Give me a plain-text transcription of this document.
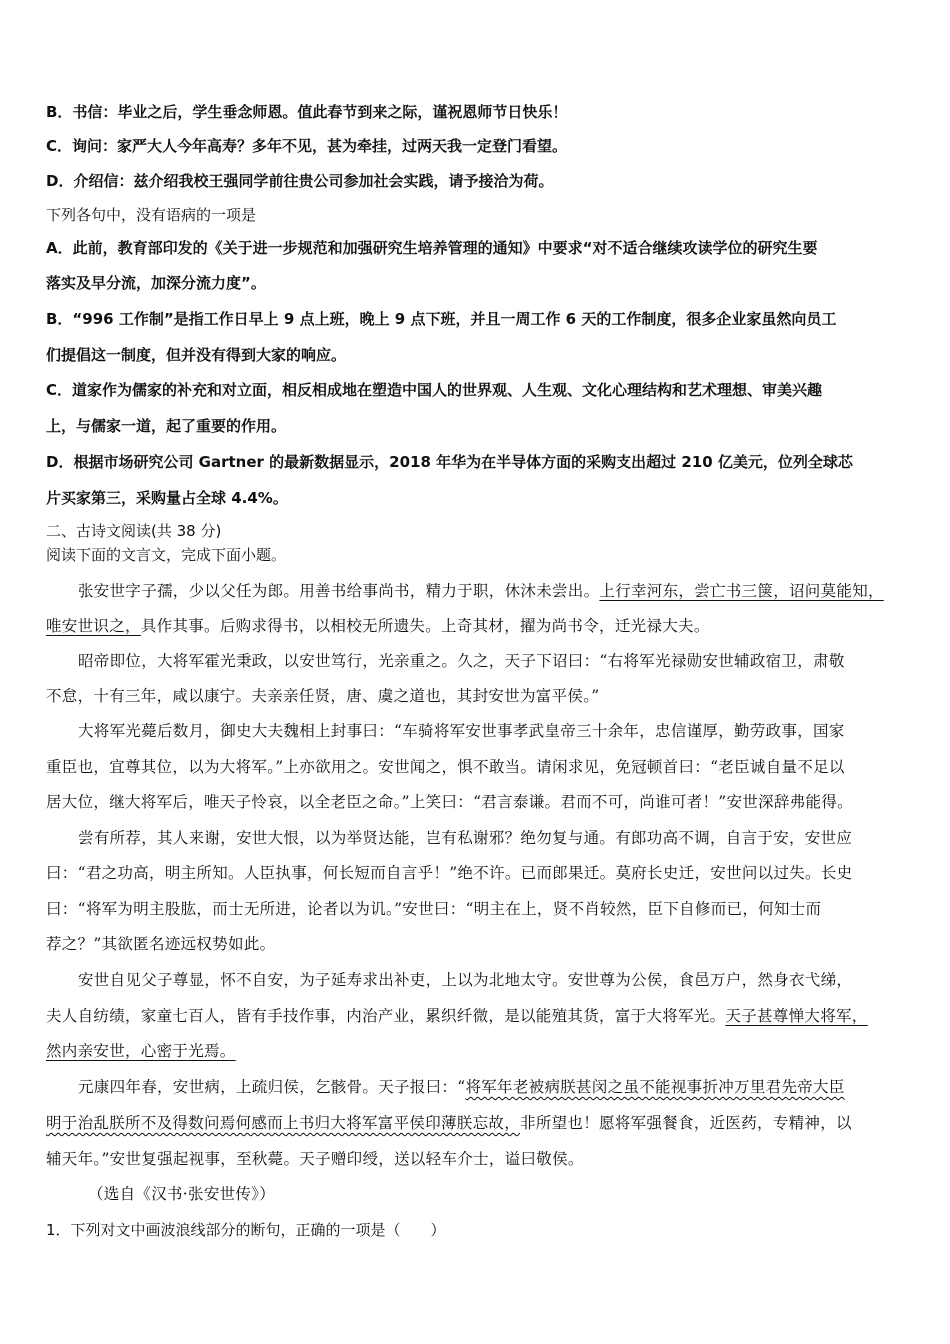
B．书信：毕业之后，学生垂念师恩。值此春节到来之际，谨祝恩师节日快乐！
C．询问：家严大人今年高寿？多年不见，甚为牵挂，过两天我一定登门看望。
D．介绍信：兹介绍我校王强同学前往贵公司参加社会实践，请予接洽为荷。
下列各句中，没有语病的一项是
A．此前，教育部印发的《关于进一步规范和加强研究生培养管理的通知》中要求“对不适合继续攻读学位的研究生要
落实及早分流，加深分流力度”。
B．“996 工作制”是指工作日早上 9 点上班，晚上 9 点下班，并且一周工作 6 天的工作制度，很多企业家虽然向员工
们提倡这一制度，但并没有得到大家的响应。
C．道家作为儒家的补充和对立面，相反相成地在塑造中国人的世界观、人生观、文化心理结构和艺术理想、审美兴趣
上，与儒家一道，起了重要的作用。
D．根据市场研究公司 Gartner 的最新数据显示，2018 年华为在半导体方面的采购支出超过 210 亿美元，位列全球芯
片买家第三，采购量占全球 4.4%。
二、古诗文阅读(共 38 分)
阅读下面的文言文，完成下面小题。
张安世字子孺，少以父任为郎。用善书给事尚书，精力于职，休沐未尝出。上行幸河东，尝亡书三箧，诏问莫能知，
唯安世识之，具作其事。后购求得书，以相校无所遗失。上奇其材，擢为尚书令，迁光禄大夫。
昭帝即位，大将军霍光秉政，以安世笃行，光亲重之。久之，天子下诏曰：“右将军光禄勋安世辅政宿卫，肃敬
不怠，十有三年，咸以康宁。夫亲亲任贤，唐、虞之道也，其封安世为富平侯。”
大将军光薨后数月，御史大夫魏相上封事曰：“车骑将军安世事孝武皇帝三十余年，忠信谨厚，勤劳政事，国家
重臣也，宜尊其位，以为大将军。”上亦欲用之。安世闻之，惧不敢当。请闲求见，免冠顿首曰：“老臣诚自量不足以
居大位，继大将军后，唯天子怜哀，以全老臣之命。”上笑曰：“君言泰谦。君而不可，尚谁可者！”安世深辞弗能得。
尝有所荐，其人来谢，安世大恨，以为举贤达能，岂有私谢邪？绝勿复与通。有郎功高不调，自言于安，安世应
曰：“君之功高，明主所知。人臣执事，何长短而自言乎！”绝不许。已而郎果迁。莫府长史迁，安世问以过失。长史
曰：“将军为明主股肱，而士无所进，论者以为讥。”安世曰：“明主在上，贤不肖较然，臣下自修而已，何知士而
荐之？”其欲匿名迹远权势如此。
安世自见父子尊显，怀不自安，为子延寿求出补吏，上以为北地太守。安世尊为公侯，食邑万户，然身衣弋绨，
夫人自纺绩，家童七百人，皆有手技作事，内治产业，累织纤微，是以能殖其货，富于大将军光。天子甚尊惮大将军，
然内亲安世，心密于光焉。
元康四年春，安世病，上疏归侯，乞骸骨。天子报曰：“将军年老被病朕甚闵之虽不能视事折冲万里君先帝大臣
明于治乱朕所不及得数问焉何感而上书归大将军富平侯印薄朕忘故，非所望也！愿将军强餐食，近医药，专精神，以
辅天年。”安世复强起视事，至秋薨。天子赠印绶，送以轻车介士，谥曰敬侯。
（选自《汉书·张安世传》）
1．下列对文中画波浪线部分的断句，正确的一项是（　　）
